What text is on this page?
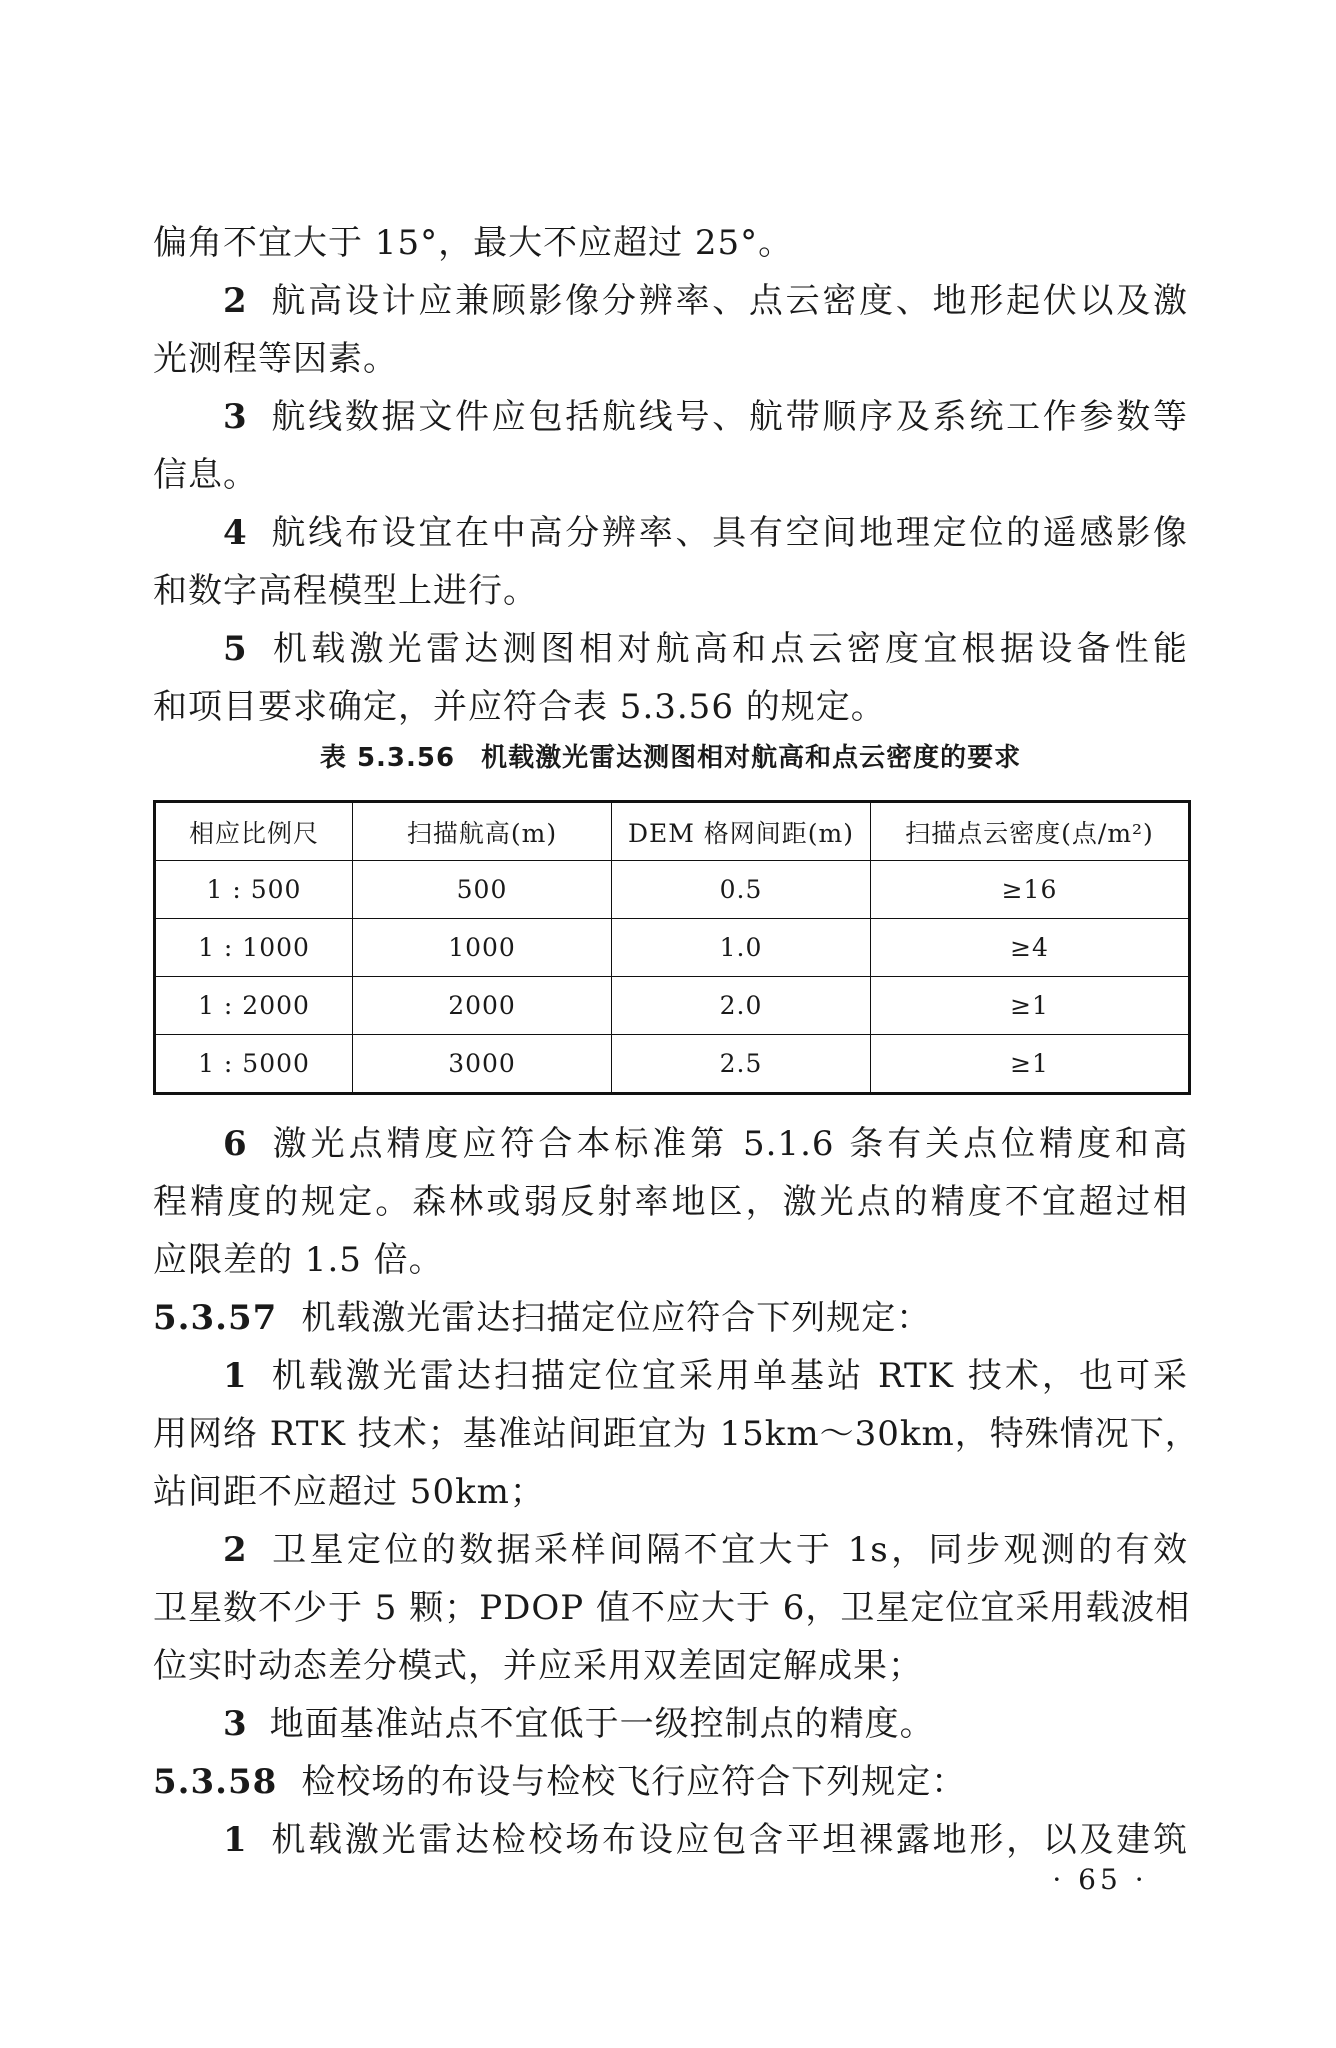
偏角不宜大于 15°，最大不应超过 25°。
2 航高设计应兼顾影像分辨率、点云密度、地形起伏以及激
光测程等因素。
3 航线数据文件应包括航线号、航带顺序及系统工作参数等
信息。
4 航线布设宜在中高分辨率、具有空间地理定位的遥感影像
和数字高程模型上进行。
5 机载激光雷达测图相对航高和点云密度宜根据设备性能
和项目要求确定，并应符合表 5.3.56 的规定。
表 5.3.56 机载激光雷达测图相对航高和点云密度的要求
相应比例尺	扫描航高(m)	DEM 格网间距(m)	扫描点云密度(点/m²)
1 : 500	500	0.5	≥16
1 : 1000	1000	1.0	≥4
1 : 2000	2000	2.0	≥1
1 : 5000	3000	2.5	≥1
6 激光点精度应符合本标准第 5.1.6 条有关点位精度和高
程精度的规定。森林或弱反射率地区，激光点的精度不宜超过相
应限差的 1.5 倍。
5.3.57 机载激光雷达扫描定位应符合下列规定：
1 机载激光雷达扫描定位宜采用单基站 RTK 技术，也可采
用网络 RTK 技术；基准站间距宜为 15km～30km，特殊情况下，
站间距不应超过 50km；
2 卫星定位的数据采样间隔不宜大于 1s，同步观测的有效
卫星数不少于 5 颗；PDOP 值不应大于 6，卫星定位宜采用载波相
位实时动态差分模式，并应采用双差固定解成果；
3 地面基准站点不宜低于一级控制点的精度。
5.3.58 检校场的布设与检校飞行应符合下列规定：
1 机载激光雷达检校场布设应包含平坦裸露地形，以及建筑
· 65 ·
